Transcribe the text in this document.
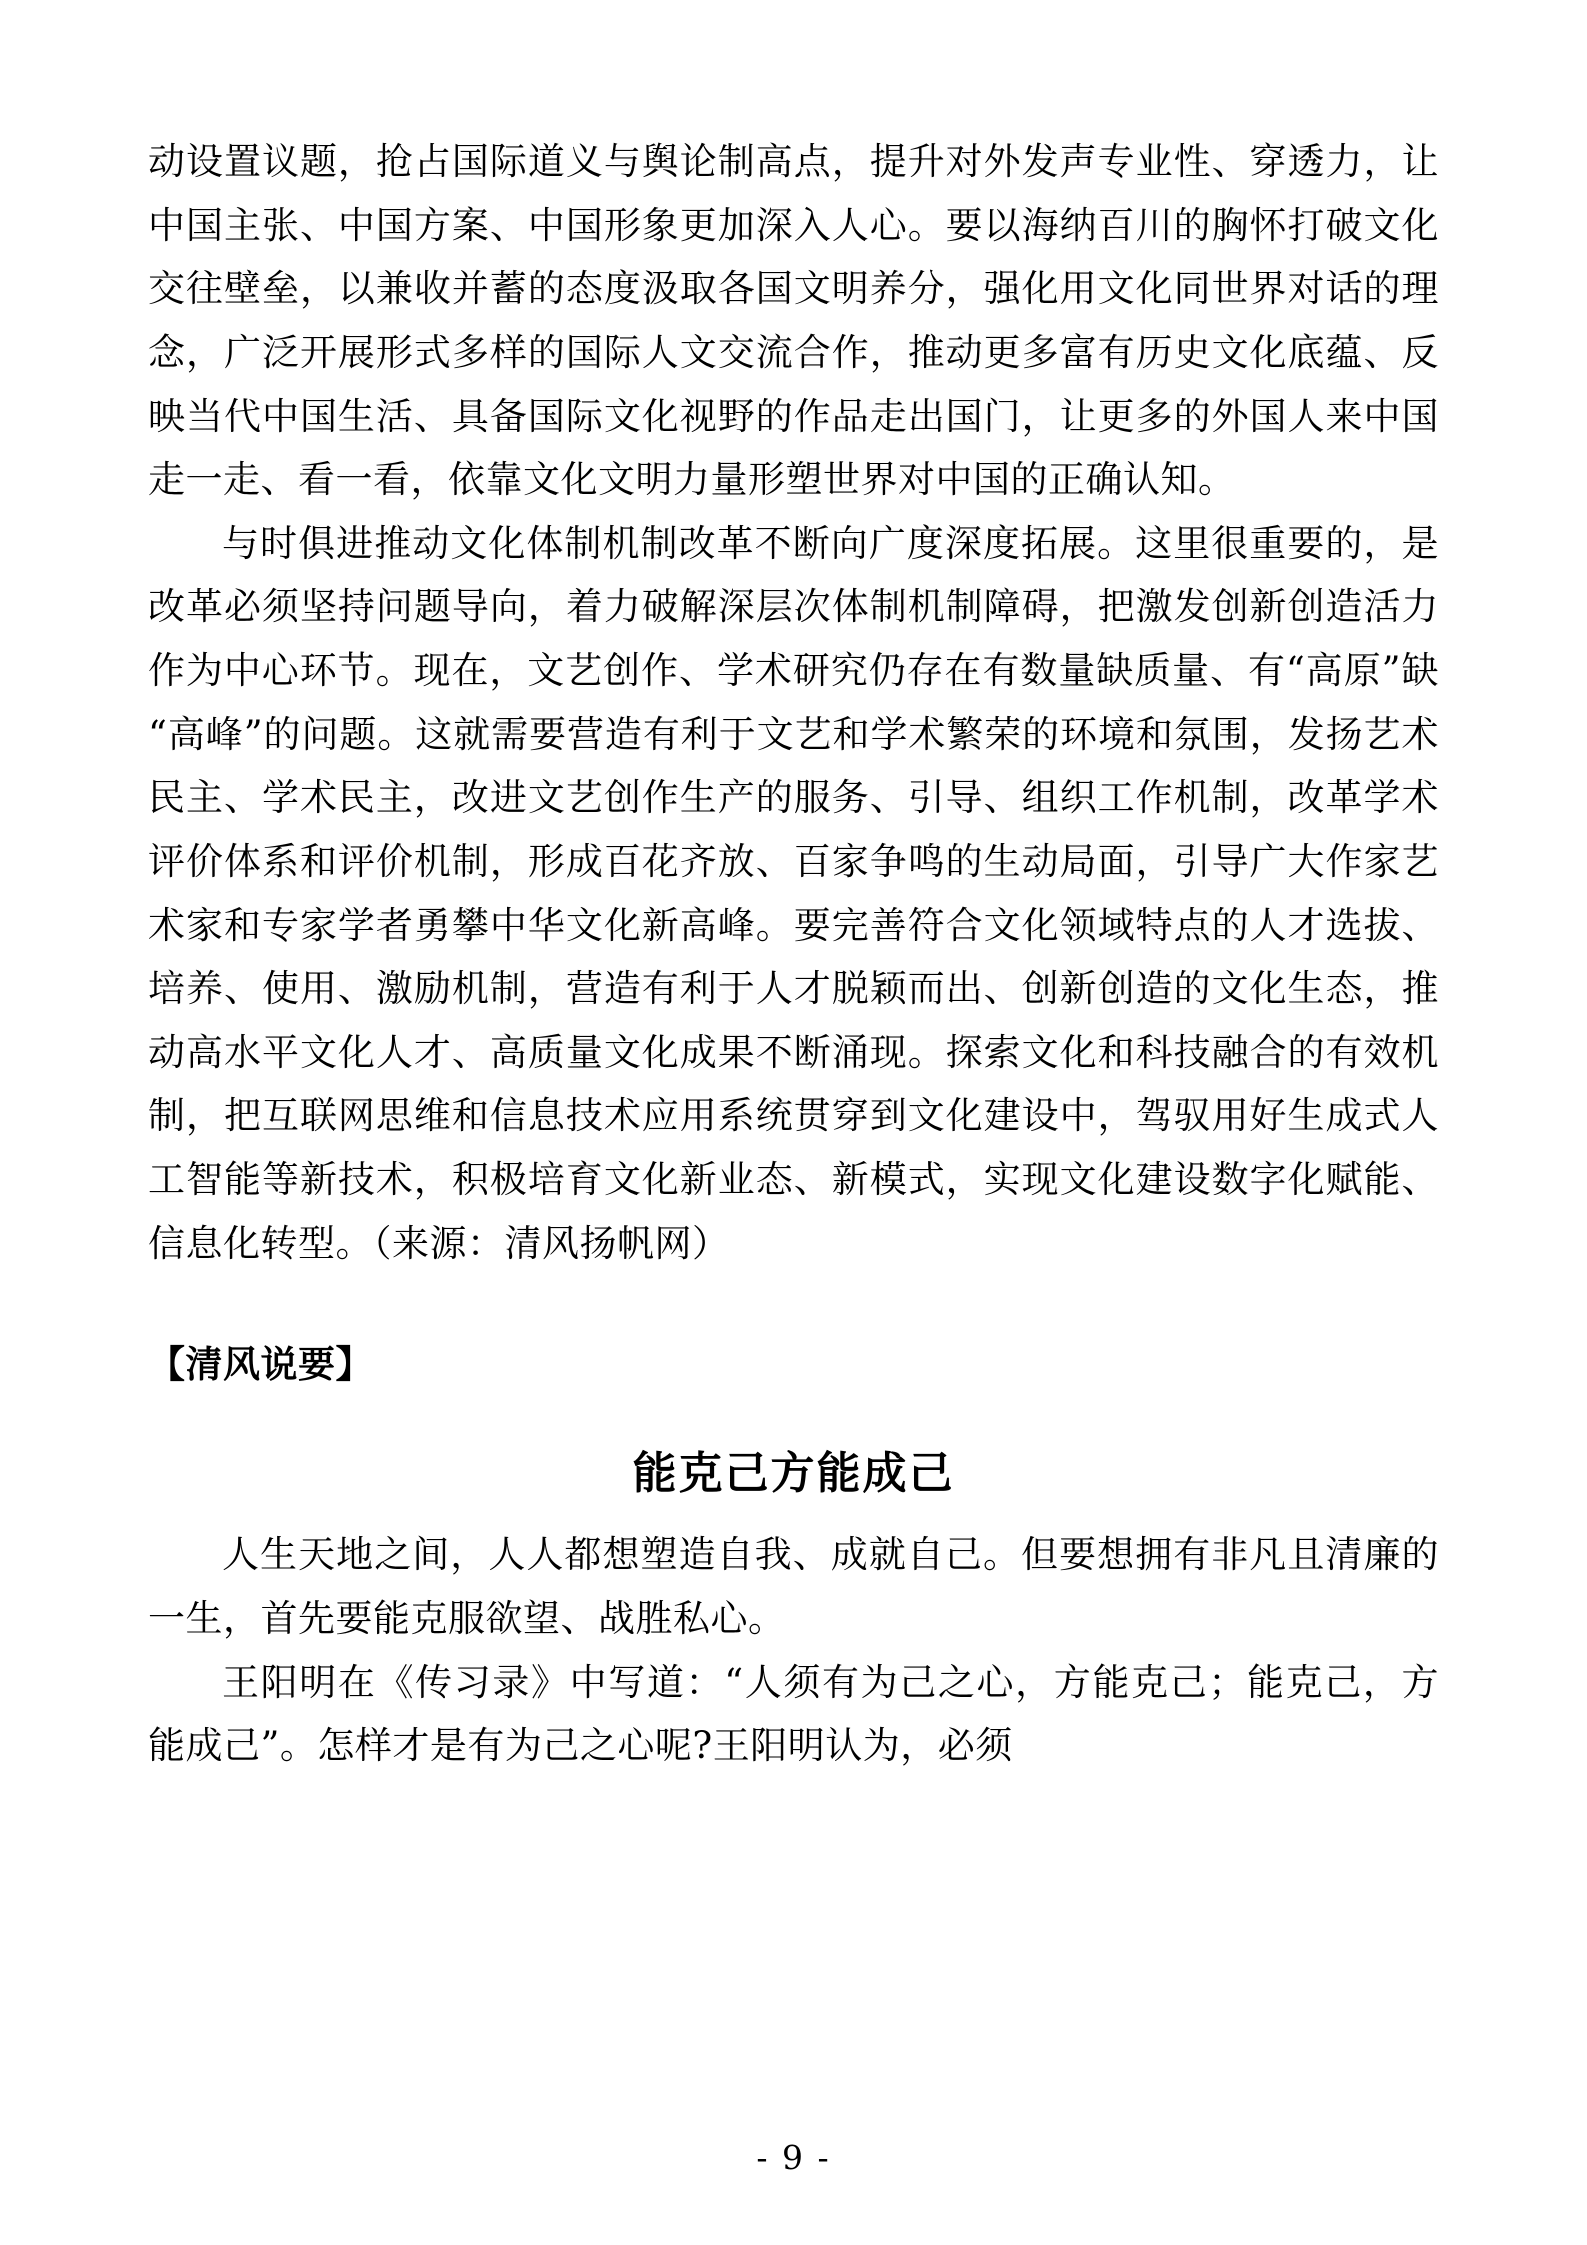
动设置议题，抢占国际道义与舆论制高点，提升对外发声专业性、穿透力，让中国主张、中国方案、中国形象更加深入人心。要以海纳百川的胸怀打破文化交往壁垒，以兼收并蓄的态度汲取各国文明养分，强化用文化同世界对话的理念，广泛开展形式多样的国际人文交流合作，推动更多富有历史文化底蕴、反映当代中国生活、具备国际文化视野的作品走出国门，让更多的外国人来中国走一走、看一看，依靠文化文明力量形塑世界对中国的正确认知。

与时俱进推动文化体制机制改革不断向广度深度拓展。这里很重要的，是改革必须坚持问题导向，着力破解深层次体制机制障碍，把激发创新创造活力作为中心环节。现在，文艺创作、学术研究仍存在有数量缺质量、有“高原”缺“高峰”的问题。这就需要营造有利于文艺和学术繁荣的环境和氛围，发扬艺术民主、学术民主，改进文艺创作生产的服务、引导、组织工作机制，改革学术评价体系和评价机制，形成百花齐放、百家争鸣的生动局面，引导广大作家艺术家和专家学者勇攀中华文化新高峰。要完善符合文化领域特点的人才选拔、培养、使用、激励机制，营造有利于人才脱颖而出、创新创造的文化生态，推动高水平文化人才、高质量文化成果不断涌现。探索文化和科技融合的有效机制，把互联网思维和信息技术应用系统贯穿到文化建设中，驾驭用好生成式人工智能等新技术，积极培育文化新业态、新模式，实现文化建设数字化赋能、信息化转型。（来源：清风扬帆网）

【清风说要】
能克己方能成己

人生天地之间，人人都想塑造自我、成就自己。但要想拥有非凡且清廉的一生，首先要能克服欲望、战胜私心。

王阳明在《传习录》中写道：“人须有为己之心，方能克己；能克己，方能成己”。怎样才是有为己之心呢?王阳明认为，必须

- 9 -
